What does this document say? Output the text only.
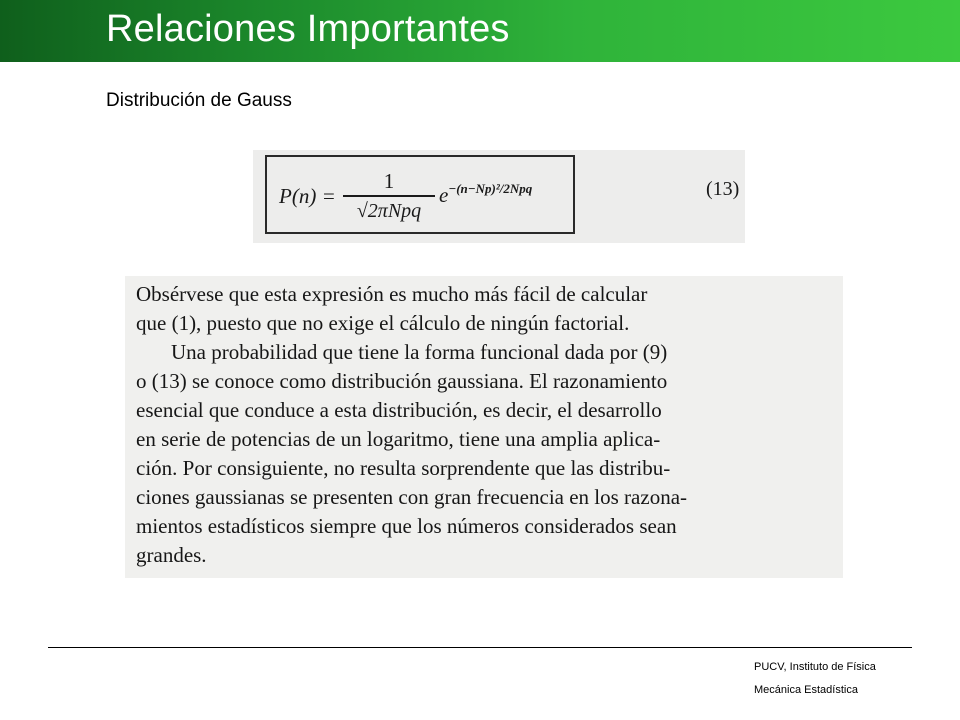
Relaciones Importantes
Distribución de Gauss
P(n) =
1
√2πNpq
$e^{-(n-Np)^2/2Npq}$	(13)
Obsérvese que esta expresión es mucho más fácil de calcular
que (1), puesto que no exige el cálculo de ningún factorial.
Una probabilidad que tiene la forma funcional dada por (9)
o (13) se conoce como distribución gaussiana. El razonamiento
esencial que conduce a esta distribución, es decir, el desarrollo
en serie de potencias de un logaritmo, tiene una amplia aplica-
ción. Por consiguiente, no resulta sorprendente que las distribu-
ciones gaussianas se presenten con gran frecuencia en los razona-
mientos estadísticos siempre que los números considerados sean
grandes.
PUCV, Instituto de Física
Mecánica Estadística
